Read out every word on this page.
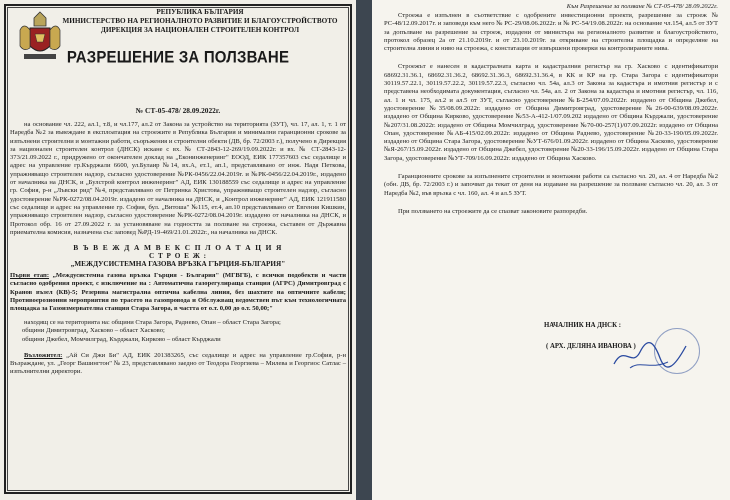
РЕПУБЛИКА БЪЛГАРИЯ
МИНИСТЕРСТВО НА РЕГИОНАЛНОТО РАЗВИТИЕ И БЛАГОУСТРОЙСТВОТО
ДИРЕКЦИЯ ЗА НАЦИОНАЛЕН СТРОИТЕЛЕН КОНТРОЛ
РАЗРЕШЕНИЕ ЗА ПОЛЗВАНЕ
№ СТ-05-478/ 28.09.2022г.
на основание чл. 222, ал.1, т.8, и чл.177, ал.2 от Закона за устройство на територията (ЗУТ), чл. 17, ал. 1, т. 1 от Наредба №2 за въвеждане в експлоатация на строежите в Република България и минимални гаранционни срокове за изпълнени строителни и монтажни работи, съоръжения и строителни обекти (ДВ, бр. 72/2003 г.), получено в Дирекция за национален строителен контрол (ДНСК) искане с вх. № СТ-2843-12-269/19.09.2022г. и вх. № СТ-2843-12-373/21.09.2022 г., придружено от окончателен доклад на „Еконинженеринг" ЕООД, ЕИК 177357603 със седалище и адрес на управление гр.Кърджали 6600, ул.Булаир №14, вх.А, ет.1, ап.1, представлявано от инж. Надя Петкова, упражняващо строителен надзор, съгласно удостоверение №РК-0456/22.04.2019г. и №РК-0456/22.04.2019г., издадено от началника на ДНСК, и „Булстрой контрол инженеринг" АД, ЕИК 130188559 със седалище и адрес на управление гр. София, р-н „Лъвски рид" №4, представлявано от Петринка Христова, упражняващо строителен надзор, съгласно удостоверение №РК-0272/08.04.2019г. издадено от началника на ДНСК, и „Контрол инженеринг" АД, ЕИК 121911580 със седалище и адрес на управление гр. София, бул. „Витоша" №115, ет.4, ап.10 представлявано от Евгения Кишкин, упражняващо строителен надзор, съгласно удостоверение №РК-0272/08.04.2019г. издадено от началника на ДНСК, и Протокол обр. 16 от 27.09.2022 г. за установяване на годността за ползване на строежа, съставен от Държавна приемателна комисия, назначена със заповед №РД-19-469/21.01.2022г., на началника на ДНСК.
В Ъ В Е Ж Д А М В Е К С П Л О А Т А Ц И Я
С Т Р О Е Ж :
„МЕЖДУСИСТЕМНА ГАЗОВА ВРЪЗКА ГЪРЦИЯ-БЪЛГАРИЯ"
Първи етап: „Междусистемна газова връзка Гърция - България" (МГВГБ), с всички подобекти и части съгласно одобрения проект, с изключение на : Автоматична газорегулираща станция (АГРС) Димитровград с Кранов възел (КВ)-5; Резервна магистрална оптична кабелна линия, без шахтите на оптичните кабели; Противоерозионни мероприятия по трасето на газопровода и Обслужващ ведомствен път към технологичната площадка за Газоизмервателна станция Стара Загора, в частта от о.т. 0,00 до о.т. 50,00;"
находящ се на територията на: общини Стара Загора, Раднево, Опан – област Стара Загора;
общини Димитровград, Хасково – област Хасково;
общини Джебел, Момчилград, Кърджали, Кирково – област Кърджали
Възложител: „Ай Си Джи Би" АД, ЕИК 201383265, със седалище и адрес на управление гр.София, р-н Възраждане, ул. „Георг Вашингтон" № 23, представлявано заедно от Теодора Георгиева – Милева и Георгиос Сатлас – изпълнителни директори.
Към Разрешение за ползване № СТ-05-478/ 28.09.2022г.
Строежа е изпълнен в съответствие с одобрените инвестиционни проекти, разрешение за строеж № РС-48/12.09.2017г. и заповеди към него № РС-29/08.06.2022г. и № РС-54/19.08.2022г. на основание чл.154, ал.5 от ЗУТ за допълване на разрешение за строеж, издадени от министъра на регионалното развитие и благоустройството, протокол образец 2а от 21.10.2019г. и от 23.10.2019г. за откриване на строителна площадка и определяне на строителна линия и ниво на строежа, с констатации от извършени проверки на контролираните нива.
Строежът е нанесен в кадастралната карта и кадастралния регистър на гр. Хасково с идентификатори 68692.31.36.1, 68692.31.36.2, 68692.31.36.3, 68692.31.36.4, в КК и КР на гр. Стара Загора с идентификатори 30119.57.22.1, 30119.57.22.2, 30119.57.22.3, съгласно чл. 54а, ал.3 от Закона за кадастъра и имотния регистър и с представена необходимата документация, съгласно чл. 54а, ал. 2 от Закона за кадастъра и имотния регистър, чл. 116, ал. 1 и чл. 175, ал.2 и ал.5 от ЗУТ, съгласно удостоверение №Б-254/07.09.2022г. издадено от Община Джебел, удостоверение №35/08.09.2022г. издадено от Община Димитровград, удостоверение №26-00-639/08.09.2022г. издадено от Община Кирково, удостоверение №53-А-412-1/07.09.202 издадено от Община Кърджали, удостоверение №207/31.08.2022г. издадено от Община Момчилград, удостоверение №70-00-257(1)/07.09.2022г. издадено от Община Опан, удостоверение №АБ-415/02.09.2022г. издадено от Община Раднево, удостоверение №20-33-190/05.09.2022г. издадено от Община Стара Загора, удостоверение №УТ-676/01.09.2022г. издадено от Община Хасково, удостоверение №Я-267/15.09.2022г. издадено от Община Джебел, удостоверение №20-33-196/15.09.2022г. издадено от Община Стара Загора, удостоверение №УТ-709/16.09.2022г. издадено от Община Хасково.
Гаранционните срокове за изпълнените строителни и монтажни работи са съгласно чл. 20, ал. 4 от Наредба №2 (обн. ДВ, бр. 72/2003 г.) и започват да текат от деня на издаване на разрешение за ползване съгласно чл. 20, ал. 3 от Наредба №2, във връзка с чл. 160, ал. 4 и ал.5 ЗУТ.
При ползването на строежите да се спазват законовите разпоредби.
НАЧАЛНИК НА ДНСК :
( АРХ. ДЕЛЯНА ИВАНОВА )
